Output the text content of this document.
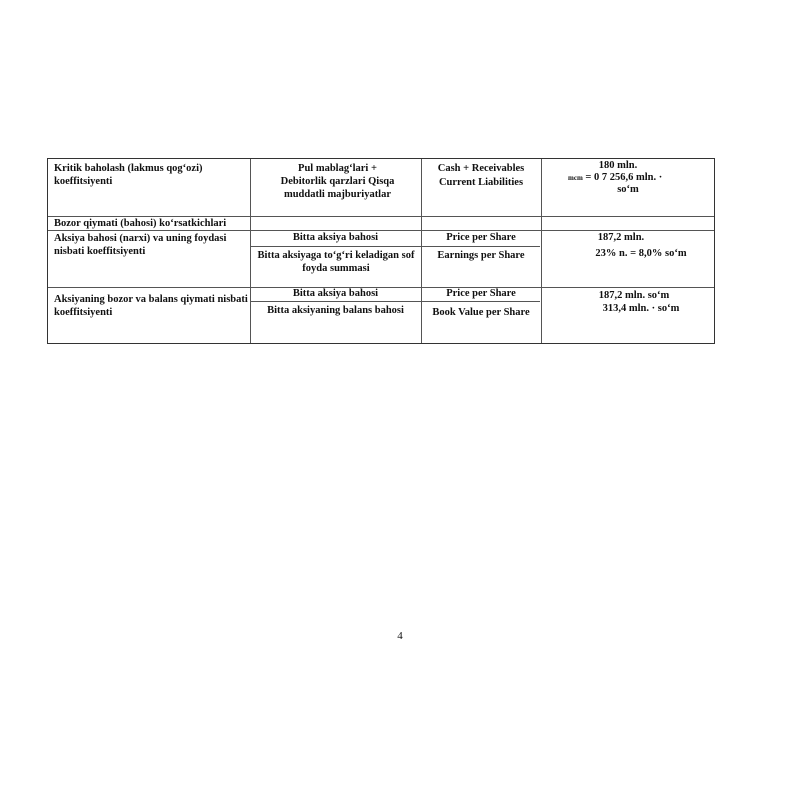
Kritik baholash (lakmus qog‘ozi) koeffitsiyenti
Pul mablag‘lari + Debitorlik qarzlari Qisqa muddatli majburiyatlar
Cash + Receivables
Current Liabilities
180 mln.
mcm = 0 7 256,6 mln. ·
so‘m
Bozor qiymati (bahosi) ko‘rsatkichlari
Aksiya bahosi (narxi) va uning foydasi nisbati koeffitsiyenti
Bitta aksiya bahosi
Bitta aksiyaga to‘g‘ri keladigan sof foyda summasi
Price per Share
Earnings per Share
187,2 mln.
23% n. = 8,0% so‘m
Aksiyaning bozor va balans qiymati nisbati koeffitsiyenti
Bitta aksiya bahosi
Bitta aksiyaning balans bahosi
Price per Share
Book Value per Share
187,2 mln. so‘m
313,4 mln. · so‘m
4
